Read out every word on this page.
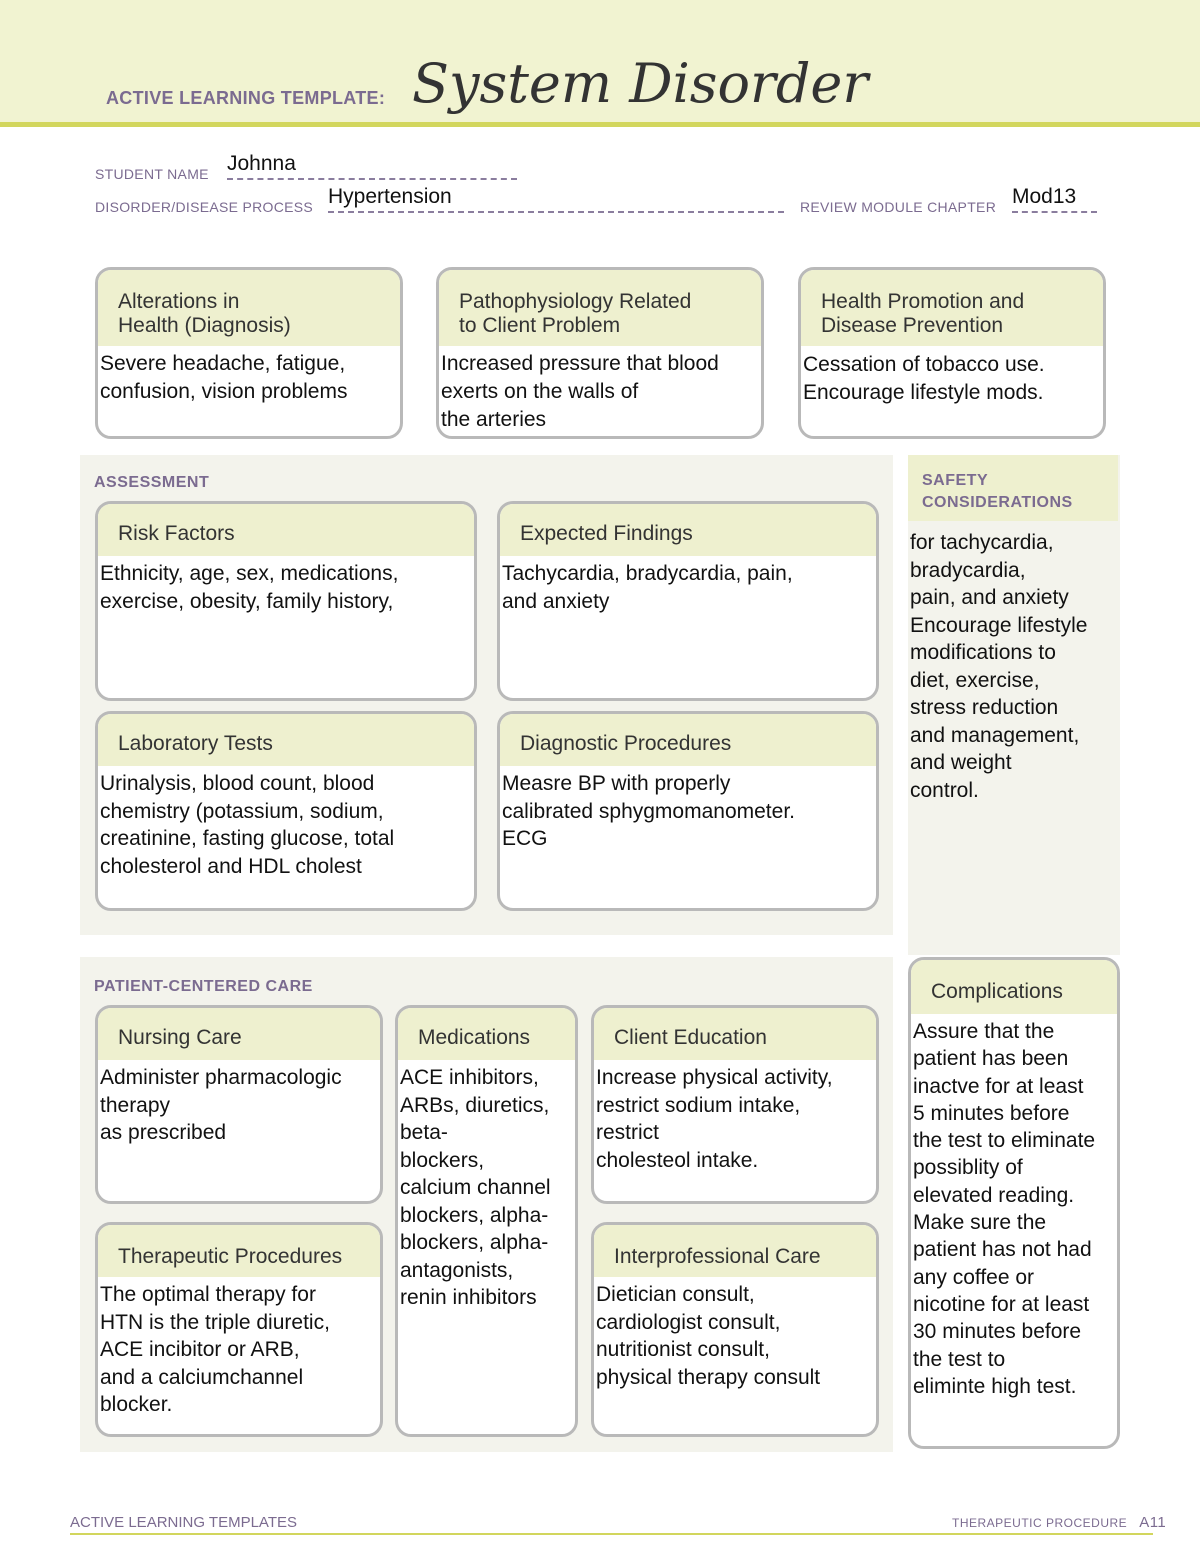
ACTIVE LEARNING TEMPLATE: System Disorder
STUDENT NAME Johnna
DISORDER/DISEASE PROCESS Hypertension	REVIEW MODULE CHAPTER Mod13
Alterations in
Health (Diagnosis)
Severe headache, fatigue,
confusion, vision problems
Pathophysiology Related
to Client Problem
Increased pressure that blood
exerts on the walls of
the arteries
Health Promotion and
Disease Prevention
Cessation of tobacco use.
Encourage lifestyle mods.
ASSESSMENT
Risk Factors
Ethnicity, age, sex, medications,
exercise, obesity, family history,
Expected Findings
Tachycardia, bradycardia, pain,
and anxiety
Laboratory Tests
Urinalysis, blood count, blood
chemistry (potassium, sodium,
creatinine, fasting glucose, total
cholesterol and HDL cholest
Diagnostic Procedures
Measre BP with properly
calibrated sphygmomanometer.
ECG
SAFETY
CONSIDERATIONS
for tachycardia,
bradycardia,
pain, and anxiety
Encourage lifestyle
modifications to
diet, exercise,
stress reduction
and management,
and weight
control.
PATIENT-CENTERED CARE
Nursing Care
Administer pharmacologic
therapy
as prescribed
Medications
ACE inhibitors,
ARBs, diuretics,
beta-
blockers,
calcium channel
blockers, alpha-
blockers, alpha-
antagonists,
renin inhibitors
Client Education
Increase physical activity,
restrict sodium intake,
restrict
cholesteol intake.
Therapeutic Procedures
The optimal therapy for
HTN is the triple diuretic,
ACE incibitor or ARB,
and a calciumchannel
blocker.
Interprofessional Care
Dietician consult,
cardiologist consult,
nutritionist consult,
physical therapy consult
Complications
Assure that the
patient has been
inactve for at least
5 minutes before
the test to eliminate
possiblity of
elevated reading.
Make sure the
patient has not had
any coffee or
nicotine for at least
30 minutes before
the test to
eliminte high test.
ACTIVE LEARNING TEMPLATES	THERAPEUTIC PROCEDURE A11
